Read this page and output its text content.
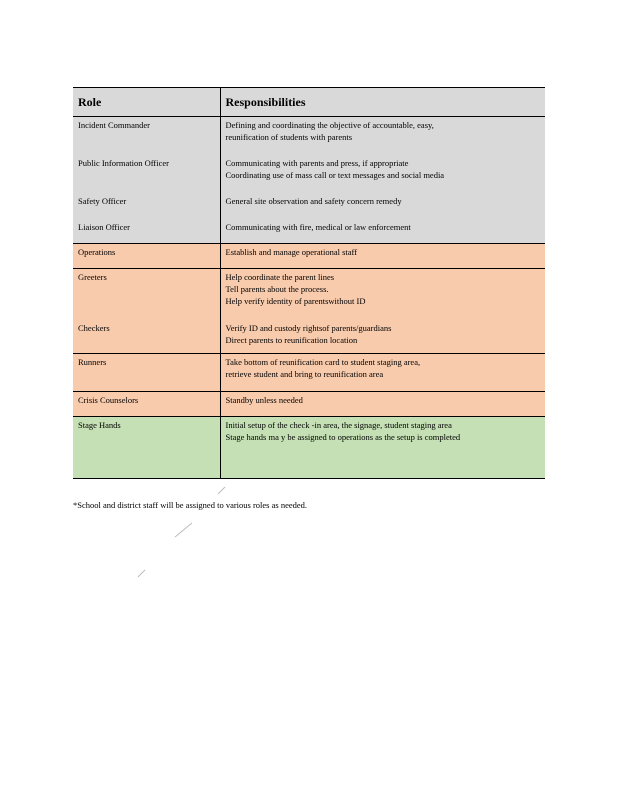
Role	Responsibilities
Incident Commander	Defining and coordinating the objective of accountable, easy,
reunification of students with parents

Public Information Officer	Communicating with parents and press, if appropriate
Coordinating use of mass call or text messages and social media

Safety Officer	General site observation and safety concern remedy

Liaison Officer	Communicating with fire, medical or law enforcement

Operations	Establish and manage operational staff

Greeters	Help coordinate the parent lines
Tell parents about the process.
Help verify identity of parentswithout ID

Checkers	Verify ID and custody rightsof parents/guardians
Direct parents to reunification location

Runners	Take bottom of reunification card to student staging area,
retrieve student and bring to reunification area

Crisis Counselors	Standby unless needed

Stage Hands	Initial setup of the check -in area, the signage, student staging area
Stage hands ma y be assigned to operations as the setup is completed
*School and district staff will be assigned to various roles as needed.
